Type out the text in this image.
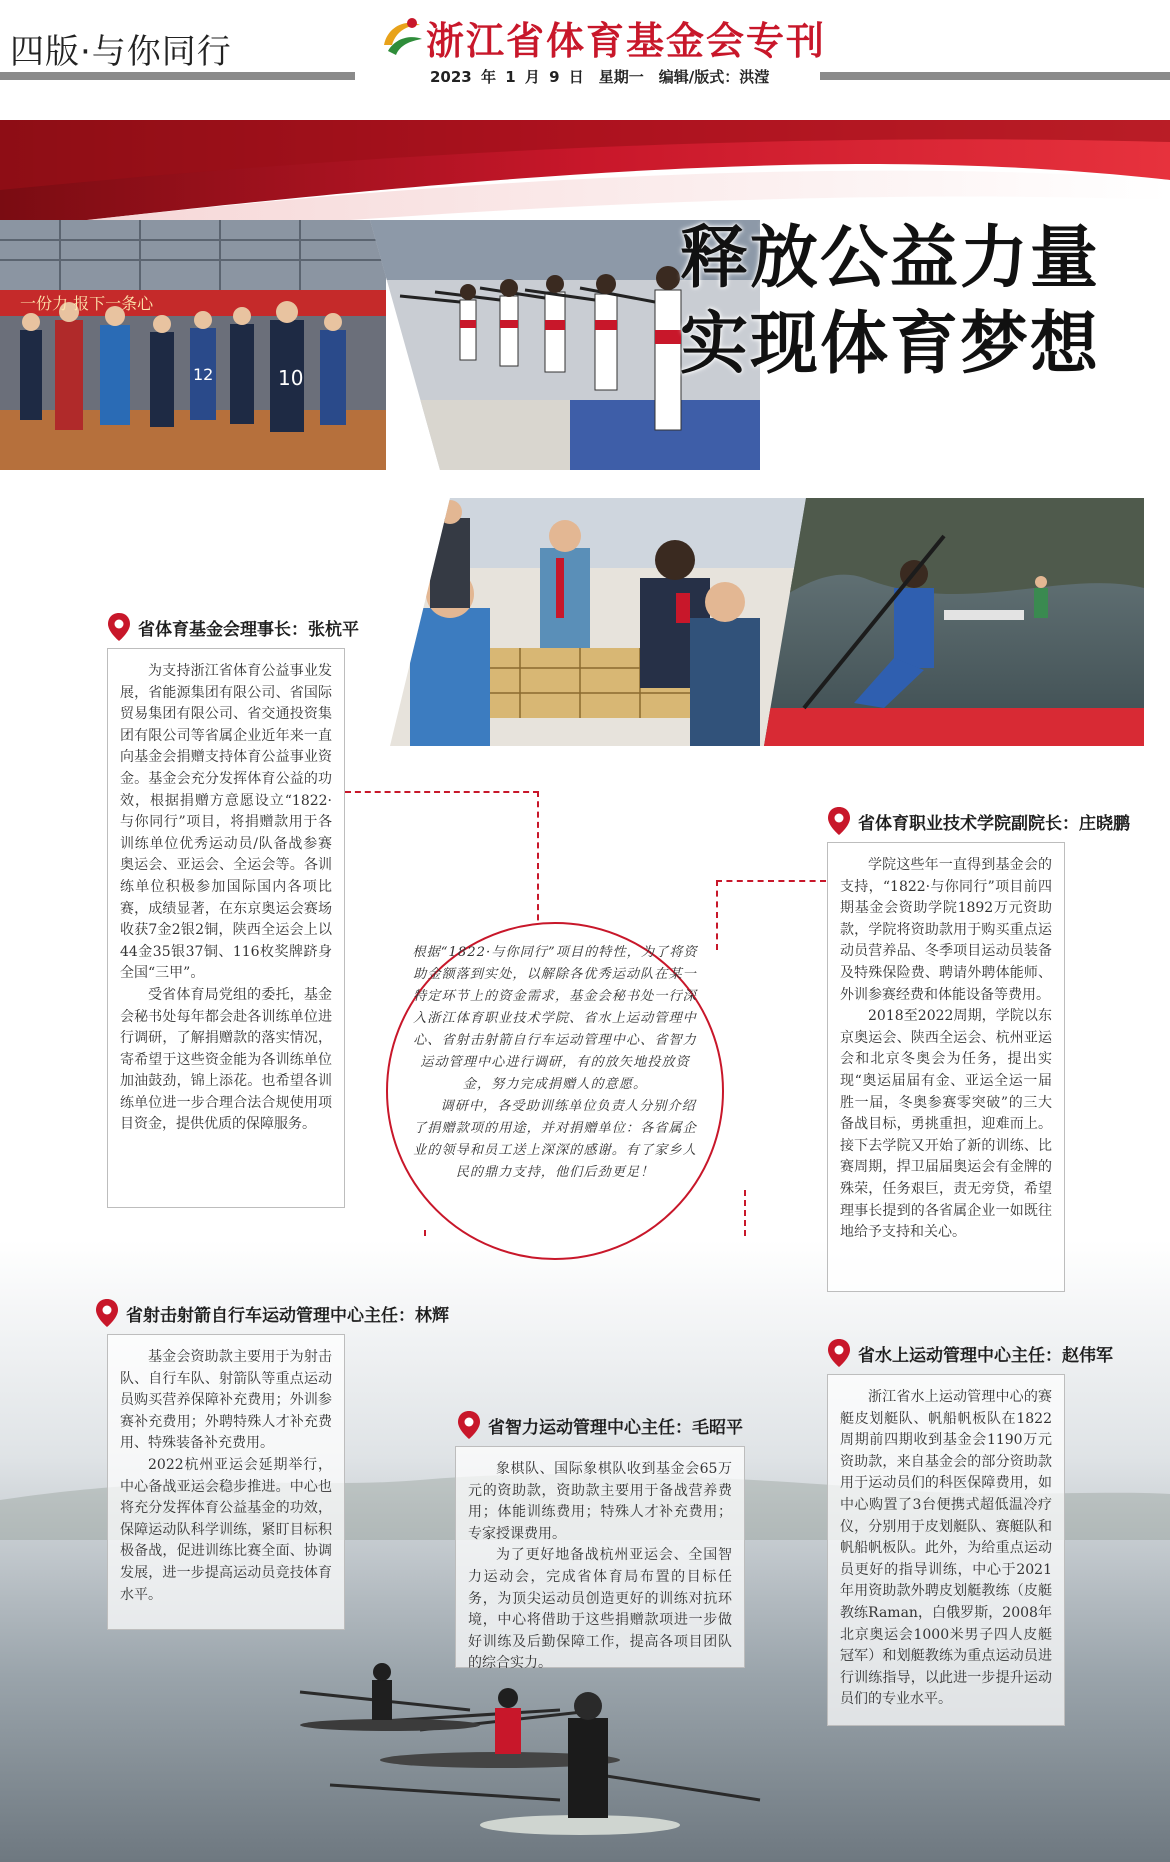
四版·与你同行	浙江省体育基金会专刊
2023 年 1 月 9 日　星期一　编辑/版式：洪滢
一份力 报下一条心
12	10
释放公益力量
实现体育梦想

根据“1822·与你同行”项目的特性，为了将资助金额落到实处，以解除各优秀运动队在某一特定环节上的资金需求，基金会秘书处一行深入浙江体育职业技术学院、省水上运动管理中心、省射击射箭自行车运动管理中心、省智力运动管理中心进行调研，有的放矢地投放资金，努力完成捐赠人的意愿。

调研中，各受助训练单位负责人分别介绍了捐赠款项的用途，并对捐赠单位：各省属企业的领导和员工送上深深的感谢。有了家乡人民的鼎力支持，他们后劲更足！

省体育基金会理事长：张杭平

为支持浙江省体育公益事业发展，省能源集团有限公司、省国际贸易集团有限公司、省交通投资集团有限公司等省属企业近年来一直向基金会捐赠支持体育公益事业资金。基金会充分发挥体育公益的功效，根据捐赠方意愿设立“1822·与你同行”项目，将捐赠款用于各训练单位优秀运动员/队备战参赛奥运会、亚运会、全运会等。各训练单位积极参加国际国内各项比赛，成绩显著，在东京奥运会赛场收获7金2银2铜，陕西全运会上以44金35银37铜、116枚奖牌跻身全国“三甲”。

受省体育局党组的委托，基金会秘书处每年都会赴各训练单位进行调研，了解捐赠款的落实情况，寄希望于这些资金能为各训练单位加油鼓劲，锦上添花。也希望各训练单位进一步合理合法合规使用项目资金，提供优质的保障服务。

省体育职业技术学院副院长：庄晓鹏

学院这些年一直得到基金会的支持，“1822·与你同行”项目前四期基金会资助学院1892万元资助款，学院将资助款用于购买重点运动员营养品、冬季项目运动员装备及特殊保险费、聘请外聘体能师、外训参赛经费和体能设备等费用。

2018至2022周期，学院以东京奥运会、陕西全运会、杭州亚运会和北京冬奥会为任务，提出实现“奥运届届有金、亚运全运一届胜一届，冬奥参赛零突破”的三大备战目标，勇挑重担，迎难而上。接下去学院又开始了新的训练、比赛周期，捍卫届届奥运会有金牌的殊荣，任务艰巨，责无旁贷，希望理事长提到的各省属企业一如既往地给予支持和关心。

省射击射箭自行车运动管理中心主任：林辉

基金会资助款主要用于为射击队、自行车队、射箭队等重点运动员购买营养保障补充费用；外训参赛补充费用；外聘特殊人才补充费用、特殊装备补充费用。

2022杭州亚运会延期举行，中心备战亚运会稳步推进。中心也将充分发挥体育公益基金的功效，保障运动队科学训练，紧盯目标积极备战，促进训练比赛全面、协调发展，进一步提高运动员竞技体育水平。

省智力运动管理中心主任：毛昭平

象棋队、国际象棋队收到基金会65万元的资助款，资助款主要用于备战营养费用；体能训练费用；特殊人才补充费用；专家授课费用。

为了更好地备战杭州亚运会、全国智力运动会，完成省体育局布置的目标任务，为顶尖运动员创造更好的训练对抗环境，中心将借助于这些捐赠款项进一步做好训练及后勤保障工作，提高各项目团队的综合实力。

省水上运动管理中心主任：赵伟军

浙江省水上运动管理中心的赛艇皮划艇队、帆船帆板队在1822周期前四期收到基金会1190万元资助款，来自基金会的部分资助款用于运动员们的科医保障费用，如中心购置了3台便携式超低温冷疗仪，分别用于皮划艇队、赛艇队和帆船帆板队。此外，为给重点运动员更好的指导训练，中心于2021年用资助款外聘皮划艇教练（皮艇教练Raman，白俄罗斯，2008年北京奥运会1000米男子四人皮艇冠军）和划艇教练为重点运动员进行训练指导，以此进一步提升运动员们的专业水平。
